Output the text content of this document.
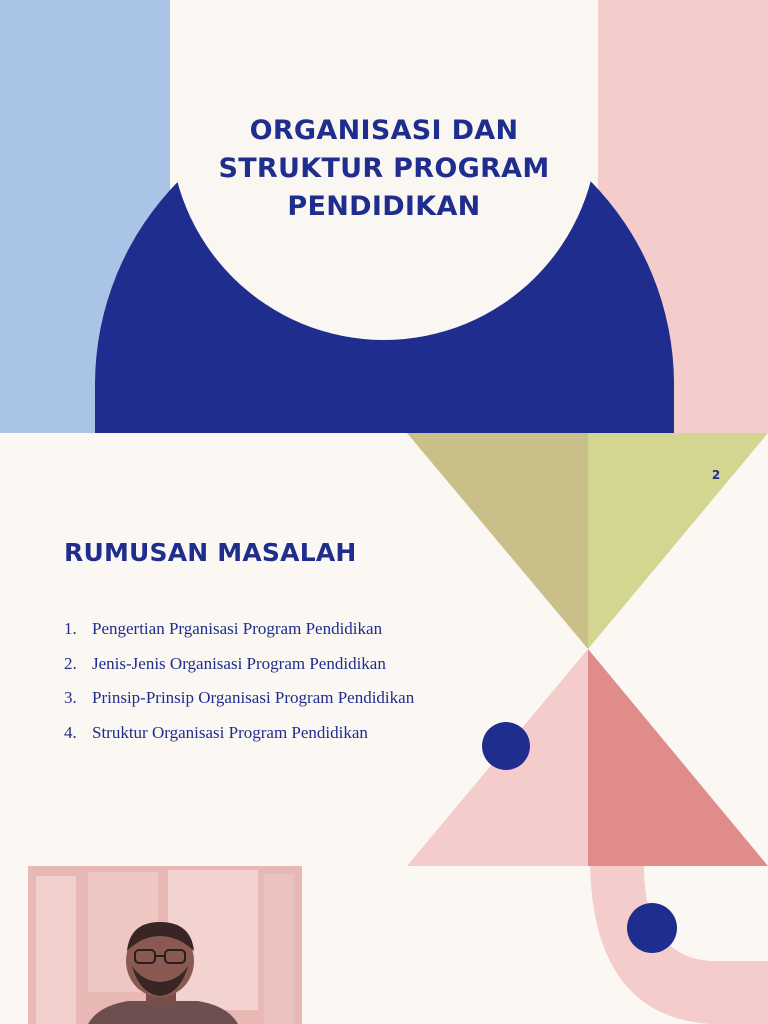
ORGANISASI DAN
STRUKTUR PROGRAM
PENDIDIKAN
2
RUMUSAN MASALAH
1. Pengertian Prganisasi Program Pendidikan
2. Jenis-Jenis Organisasi Program Pendidikan
3. Prinsip-Prinsip Organisasi Program Pendidikan
4. Struktur Organisasi Program Pendidikan
